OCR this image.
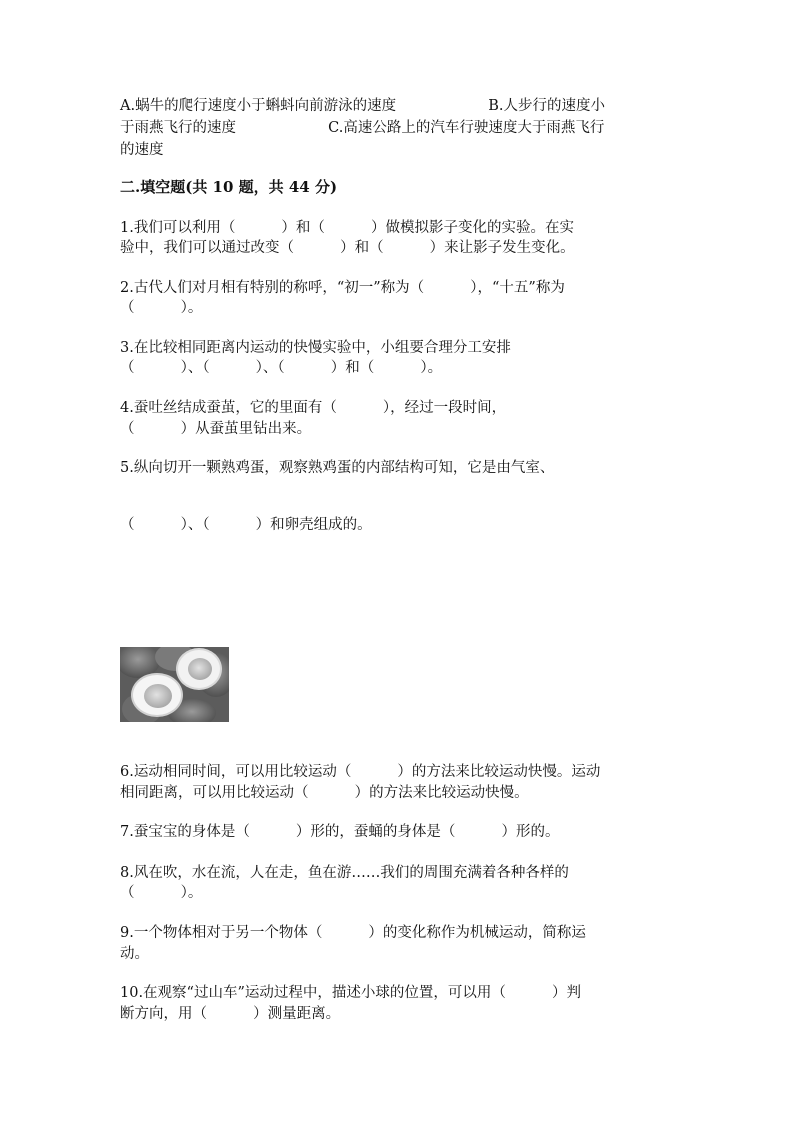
A.蜗牛的爬行速度小于蝌蚪向前游泳的速度                    B.人步行的速度小
于雨燕飞行的速度                    C.高速公路上的汽车行驶速度大于雨燕飞行
的速度
二.填空题(共 10 题，共 44 分)
1.我们可以利用（          ）和（          ）做模拟影子变化的实验。在实
验中，我们可以通过改变（          ）和（          ）来让影子发生变化。
2.古代人们对月相有特别的称呼，“初一”称为（          ），“十五”称为
（          ）。
3.在比较相同距离内运动的快慢实验中，小组要合理分工安排
（          ）、（          ）、（          ）和（          ）。
4.蚕吐丝结成蚕茧，它的里面有（          ），经过一段时间，
（          ）从蚕茧里钻出来。
5.纵向切开一颗熟鸡蛋，观察熟鸡蛋的内部结构可知，它是由气室、
（          ）、（          ）和卵壳组成的。
6.运动相同时间，可以用比较运动（          ）的方法来比较运动快慢。运动
相同距离，可以用比较运动（          ）的方法来比较运动快慢。
7.蚕宝宝的身体是（          ）形的，蚕蛹的身体是（          ）形的。
8.风在吹，水在流，人在走，鱼在游……我们的周围充满着各种各样的
（          ）。
9.一个物体相对于另一个物体（          ）的变化称作为机械运动，简称运
动。
10.在观察“过山车”运动过程中，描述小球的位置，可以用（          ）判
断方向，用（          ）测量距离。
